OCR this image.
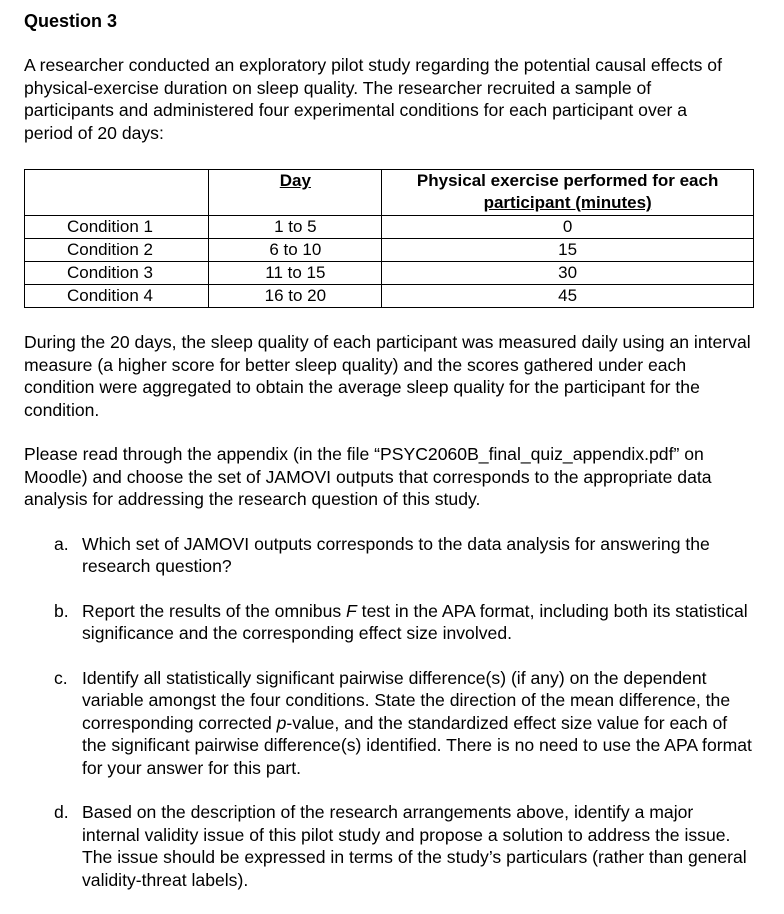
Question 3

A researcher conducted an exploratory pilot study regarding the potential causal effects of physical-exercise duration on sleep quality. The researcher recruited a sample of participants and administered four experimental conditions for each participant over a period of 20 days:

	Day	Physical exercise performed for each
participant (minutes)

Condition 1	1 to 5	0
Condition 2	6 to 10	15
Condition 3	11 to 15	30
Condition 4	16 to 20	45

During the 20 days, the sleep quality of each participant was measured daily using an interval measure (a higher score for better sleep quality) and the scores gathered under each condition were aggregated to obtain the average sleep quality for the participant for the condition.

Please read through the appendix (in the file “PSYC2060B_final_quiz_appendix.pdf” on Moodle) and choose the set of JAMOVI outputs that corresponds to the appropriate data analysis for addressing the research question of this study.

a. Which set of JAMOVI outputs corresponds to the data analysis for answering the research question?
b. Report the results of the omnibus F test in the APA format, including both its statistical significance and the corresponding effect size involved.
c. Identify all statistically significant pairwise difference(s) (if any) on the dependent variable amongst the four conditions. State the direction of the mean difference, the corresponding corrected p-value, and the standardized effect size value for each of the significant pairwise difference(s) identified. There is no need to use the APA format for your answer for this part.
d. Based on the description of the research arrangements above, identify a major internal validity issue of this pilot study and propose a solution to address the issue. The issue should be expressed in terms of the study’s particulars (rather than general validity-threat labels).
